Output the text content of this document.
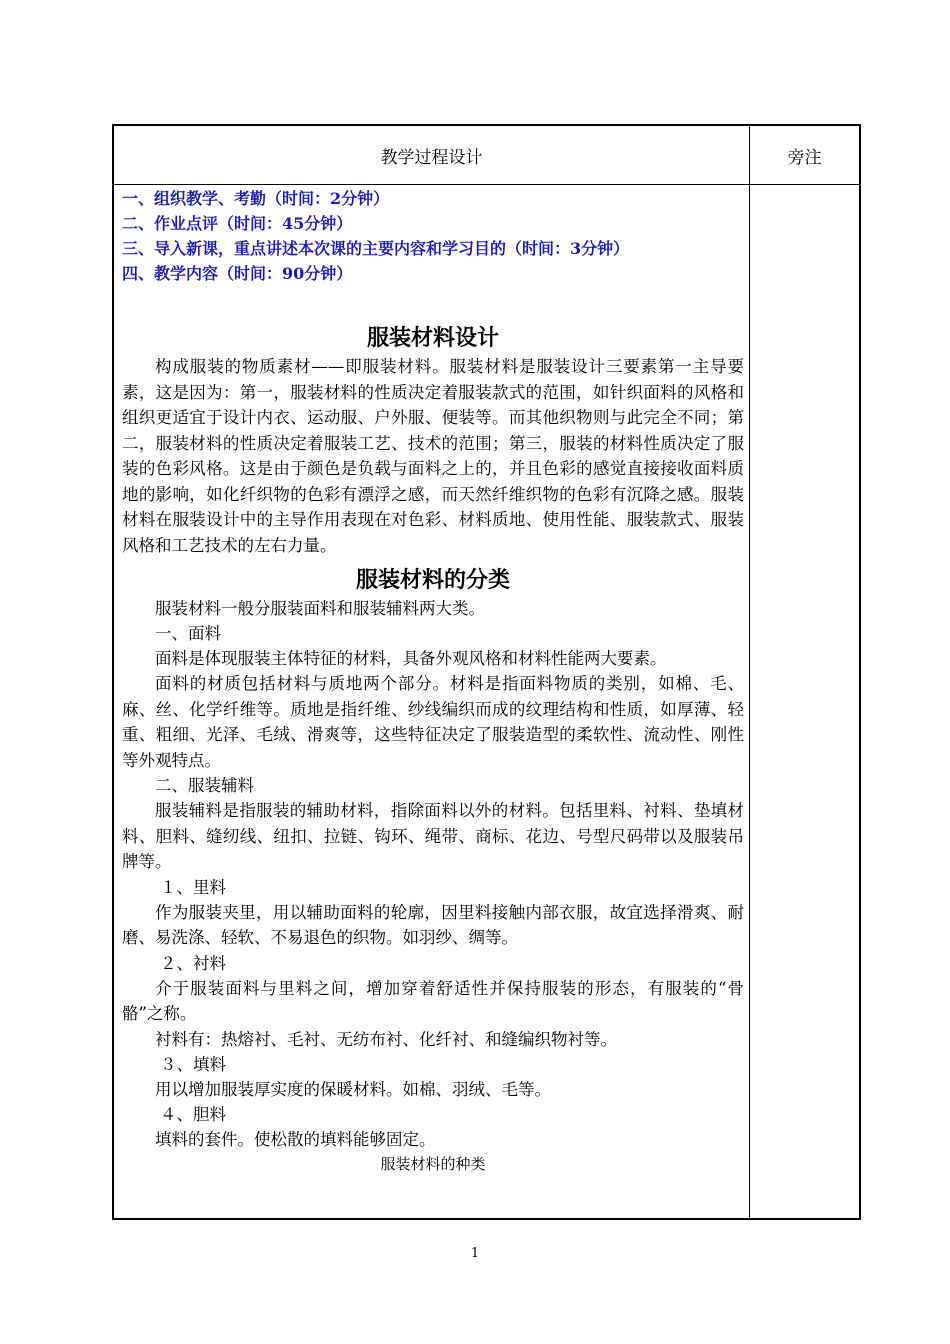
教学过程设计	旁注
一、组织教学、考勤（时间：2分钟）
二、作业点评（时间：45分钟）
三、导入新课，重点讲述本次课的主要内容和学习目的（时间：3分钟）
四、教学内容（时间：90分钟）
服装材料设计
构成服装的物质素材——即服装材料。服装材料是服装设计三要素第一主导要素，这是因为：第一，服装材料的性质决定着服装款式的范围，如针织面料的风格和组织更适宜于设计内衣、运动服、户外服、便装等。而其他织物则与此完全不同；第二，服装材料的性质决定着服装工艺、技术的范围；第三，服装的材料性质决定了服装的色彩风格。这是由于颜色是负载与面料之上的，并且色彩的感觉直接接收面料质地的影响，如化纤织物的色彩有漂浮之感，而天然纤维织物的色彩有沉降之感。服装材料在服装设计中的主导作用表现在对色彩、材料质地、使用性能、服装款式、服装风格和工艺技术的左右力量。
服装材料的分类
服装材料一般分服装面料和服装辅料两大类。
一、面料
面料是体现服装主体特征的材料，具备外观风格和材料性能两大要素。
面料的材质包括材料与质地两个部分。材料是指面料物质的类别，如棉、毛、麻、丝、化学纤维等。质地是指纤维、纱线编织而成的纹理结构和性质，如厚薄、轻重、粗细、光泽、毛绒、滑爽等，这些特征决定了服装造型的柔软性、流动性、刚性等外观特点。
二、服装辅料
服装辅料是指服装的辅助材料，指除面料以外的材料。包括里料、衬料、垫填材料、胆料、缝纫线、纽扣、拉链、钩环、绳带、商标、花边、号型尺码带以及服装吊牌等。
１、里料
作为服装夹里，用以辅助面料的轮廓，因里料接触内部衣服，故宜选择滑爽、耐磨、易洗涤、轻软、不易退色的织物。如羽纱、绸等。
２、衬料
介于服装面料与里料之间，增加穿着舒适性并保持服装的形态，有服装的“骨骼”之称。
衬料有：热熔衬、毛衬、无纺布衬、化纤衬、和缝编织物衬等。
３、填料
用以增加服装厚实度的保暖材料。如棉、羽绒、毛等。
４、胆料
填料的套件。使松散的填料能够固定。
服装材料的种类
1
